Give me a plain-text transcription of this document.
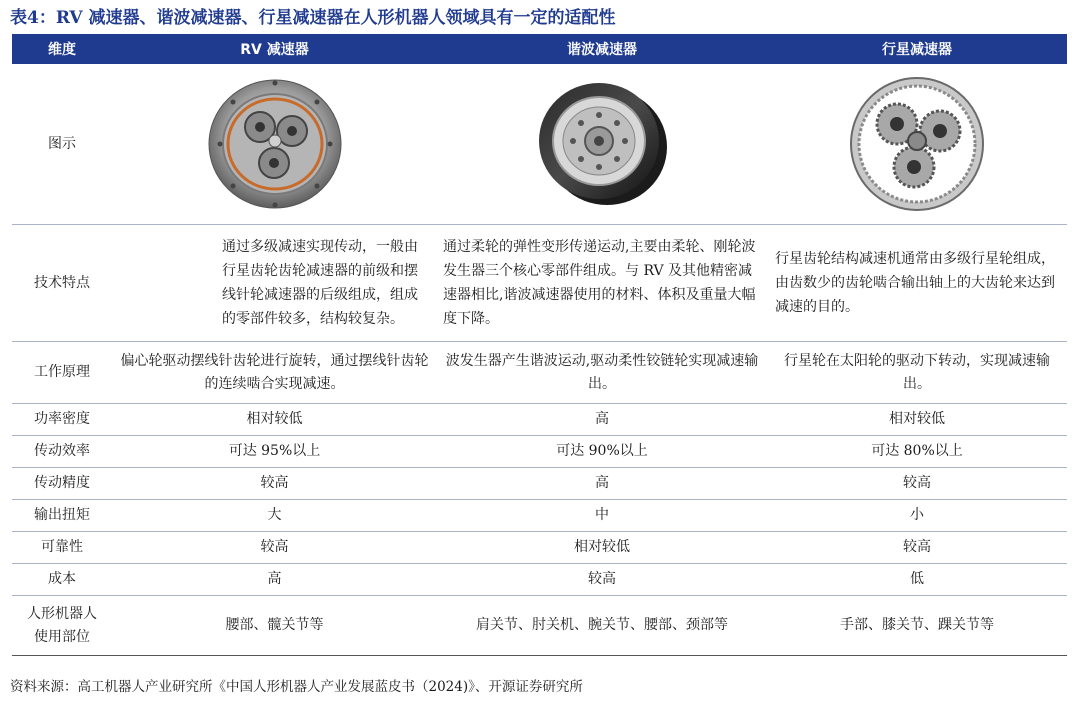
表4：RV 减速器、谐波减速器、行星减速器在人形机器人领域具有一定的适配性
维度	RV 减速器	谐波减速器	行星减速器
图示	

技术特点	通过多级减速实现传动，一般由行星齿轮齿轮减速器的前级和摆线针轮减速器的后级组成，组成的零部件较多，结构较复杂。	通过柔轮的弹性变形传递运动,主要由柔轮、刚轮波发生器三个核心零部件组成。与 RV 及其他精密减速器相比,谐波减速器使用的材料、体积及重量大幅度下降。	行星齿轮结构减速机通常由多级行星轮组成，由齿数少的齿轮啮合输出轴上的大齿轮来达到减速的目的。
工作原理	偏心轮驱动摆线针齿轮进行旋转，通过摆线针齿轮的连续啮合实现减速。	波发生器产生谐波运动,驱动柔性铰链轮实现减速输出。	行星轮在太阳轮的驱动下转动，实现减速输出。
功率密度	相对较低	高	相对较低
传动效率	可达 95%以上	可达 90%以上	可达 80%以上
传动精度	较高	高	较高
输出扭矩	大	中	小
可靠性	较高	相对较低	较高
成本	高	较高	低
人形机器人使用部位	腰部、髋关节等	肩关节、肘关机、腕关节、腰部、颈部等	手部、膝关节、踝关节等
资料来源：高工机器人产业研究所《中国人形机器人产业发展蓝皮书（2024)》、开源证券研究所
